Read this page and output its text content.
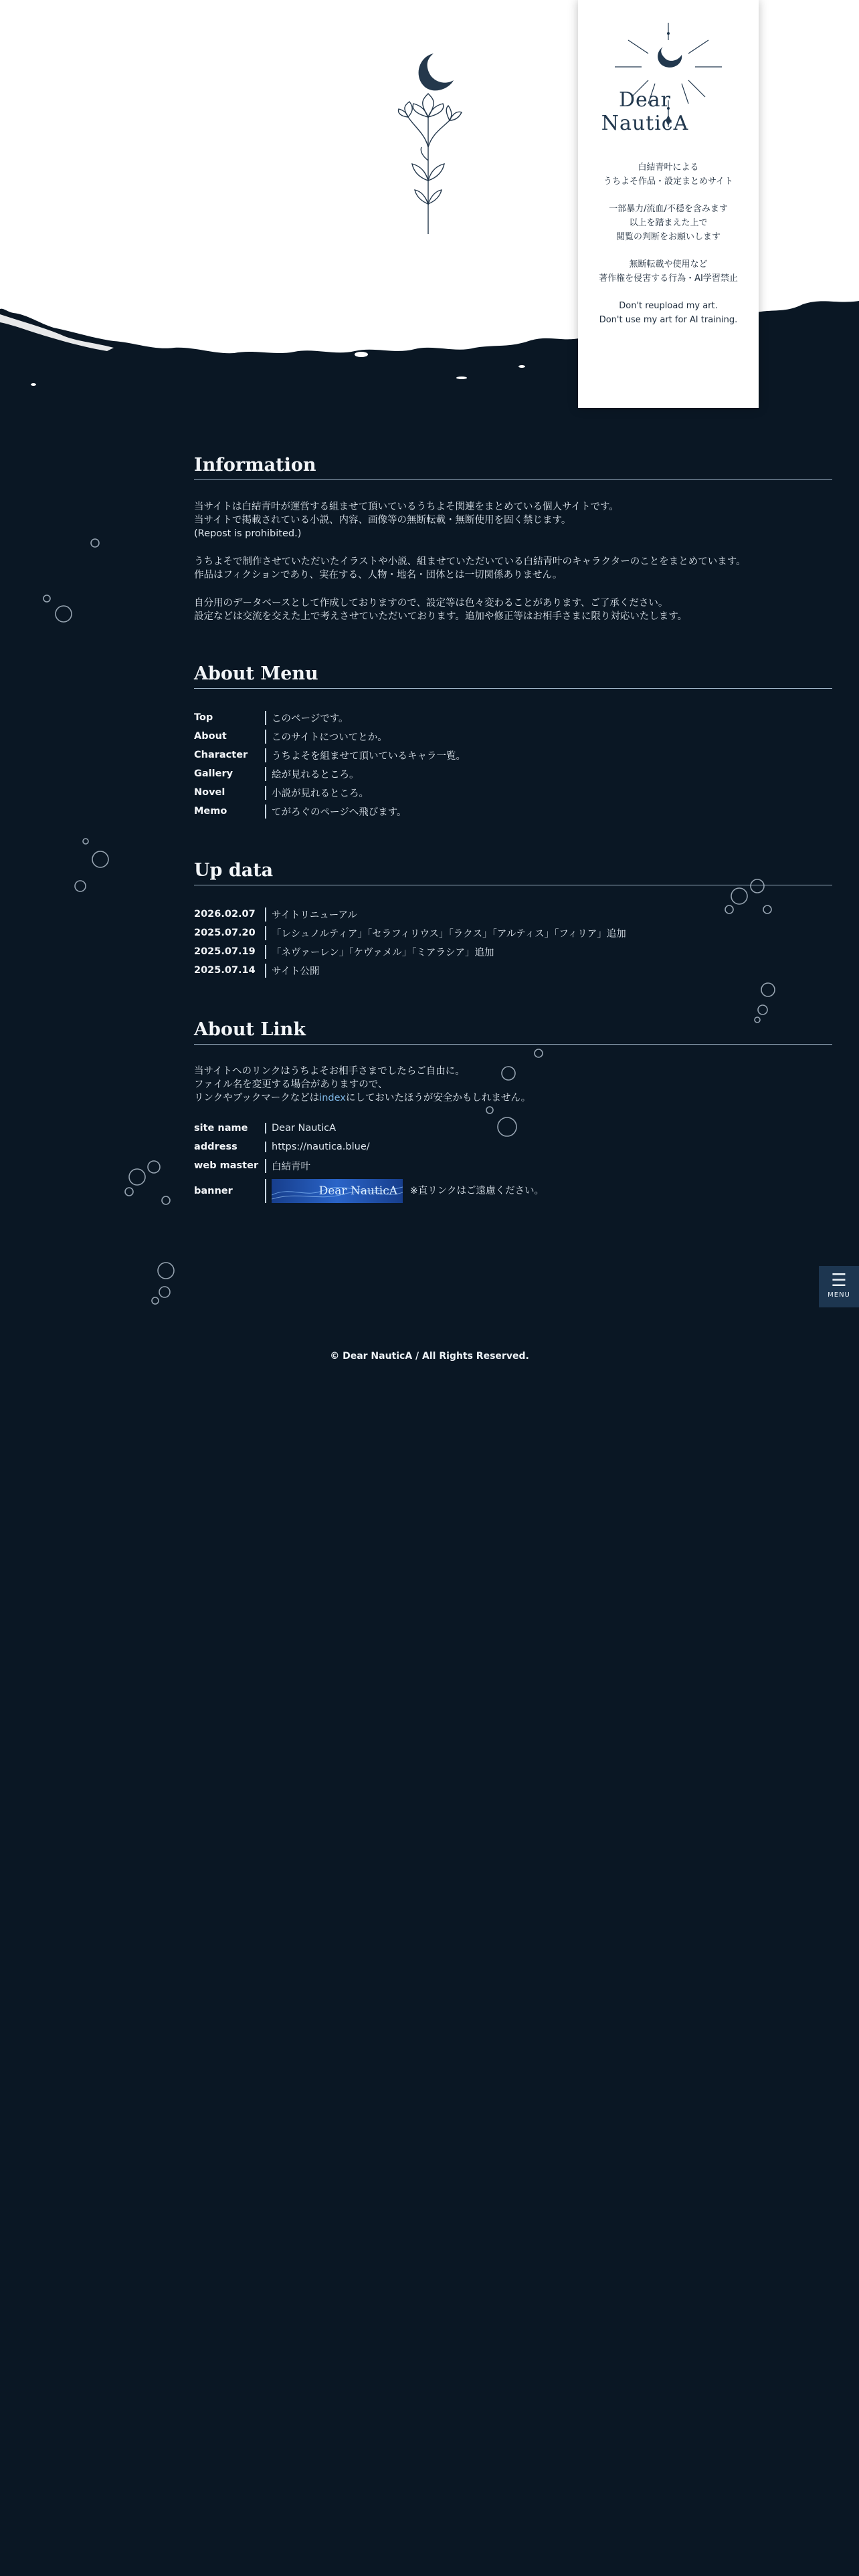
Dear NauticA

白結青叶による
うちよそ作品・設定まとめサイト

一部暴力/流血/不穏を含みます
以上を踏まえた上で
閲覧の判断をお願いします

無断転載や使用など
著作権を侵害する行為・AI学習禁止

Don't reupload my art.
Don't use my art for AI training.

Information

当サイトは白結青叶が運営する組ませて頂いているうちよそ関連をまとめている個人サイトです。
当サイトで掲載されている小説、内容、画像等の無断転載・無断使用を固く禁じます。
(Repost is prohibited.)

うちよそで制作させていただいたイラストや小説、組ませていただいている白結青叶のキャラクターのことをまとめています。
作品はフィクションであり、実在する、人物・地名・団体とは一切関係ありません。

自分用のデータベースとして作成しておりますので、設定等は色々変わることがあります、ご了承ください。
設定などは交流を交えた上で考えさせていただいております。追加や修正等はお相手さまに限り対応いたします。

About Menu
Top	このページです。
About	このサイトについてとか。
Character	うちよそを組ませて頂いているキャラ一覧。
Gallery	絵が見れるところ。
Novel	小説が見れるところ。
Memo	てがろぐのページへ飛びます。
Up data
2026.02.07	サイトリニューアル
2025.07.20	「レシュノルティア」「セラフィリウス」「ラクス」「アルティス」「フィリア」追加
2025.07.19	「ネヴァーレン」「ケヴァメル」「ミアラシア」追加
2025.07.14	サイト公開
About Link

当サイトへのリンクはうちよそお相手さまでしたらご自由に。
ファイル名を変更する場合がありますので、
リンクやブックマークなどはindexにしておいたほうが安全かもしれません。

site name	Dear NauticA
address	https://nautica.blue/
web master	白結青叶
banner	Dear NauticA ※直リンクはご遠慮ください。
© Dear NauticA / All Rights Reserved.
☰
MENU
